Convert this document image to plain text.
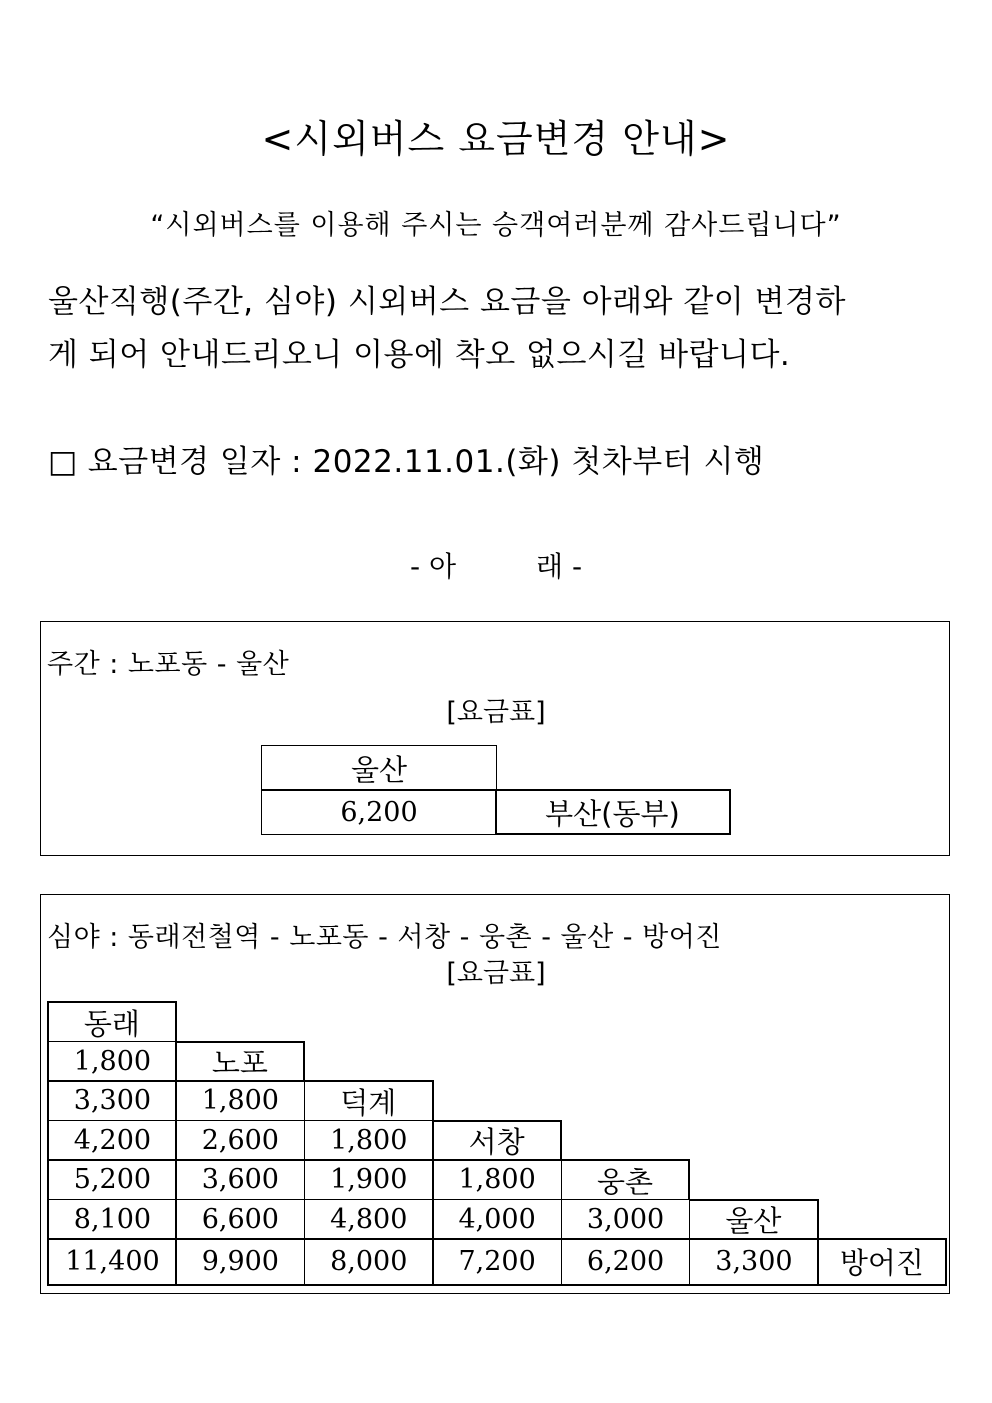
<시외버스 요금변경 안내>
“시외버스를 이용해 주시는 승객여러분께 감사드립니다”
울산직행(주간, 심야) 시외버스 요금을 아래와 같이 변경하
게 되어 안내드리오니 이용에 착오 없으시길 바랍니다.
□ 요금변경 일자 : 2022.11.01.(화) 첫차부터 시행
- 아	래 -
주간 : 노포동 - 울산
[요금표]
울산
6,200	부산(동부)
심야 : 동래전철역 - 노포동 - 서창 - 웅촌 - 울산 - 방어진
[요금표]
동래
1,800	노포
3,300	1,800	덕계
4,200	2,600	1,800	서창
5,200	3,600	1,900	1,800	웅촌
8,100	6,600	4,800	4,000	3,000	울산
11,400	9,900	8,000	7,200	6,200	3,300	방어진
